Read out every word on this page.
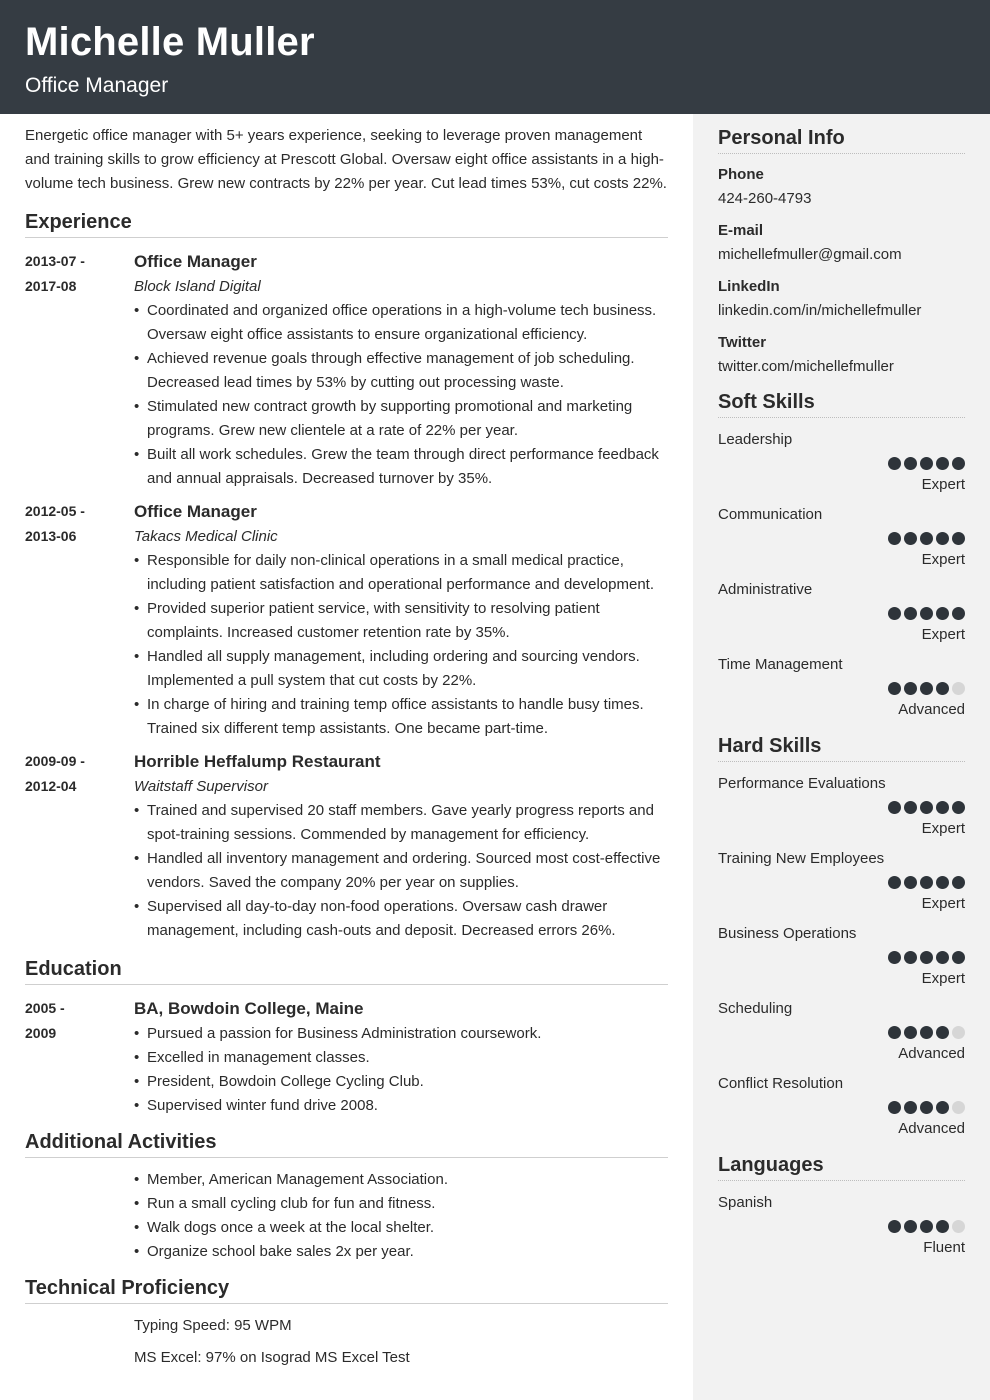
Michelle Muller
Office Manager

Energetic office manager with 5+ years experience, seeking to leverage proven management and training skills to grow efficiency at Prescott Global. Oversaw eight office assistants in a high-volume tech business. Grew new contracts by 22% per year. Cut lead times 53%, cut costs 22%.

Experience
2013-07 -
2017-08
Office Manager
Block Island Digital
• Coordinated and organized office operations in a high-volume tech business. Oversaw eight office assistants to ensure organizational efficiency.
• Achieved revenue goals through effective management of job scheduling. Decreased lead times by 53% by cutting out processing waste.
• Stimulated new contract growth by supporting promotional and marketing programs. Grew new clientele at a rate of 22% per year.
• Built all work schedules. Grew the team through direct performance feedback and annual appraisals. Decreased turnover by 35%.
2012-05 -
2013-06
Office Manager
Takacs Medical Clinic
• Responsible for daily non-clinical operations in a small medical practice, including patient satisfaction and operational performance and development.
• Provided superior patient service, with sensitivity to resolving patient complaints. Increased customer retention rate by 35%.
• Handled all supply management, including ordering and sourcing vendors. Implemented a pull system that cut costs by 22%.
• In charge of hiring and training temp office assistants to handle busy times. Trained six different temp assistants. One became part-time.
2009-09 -
2012-04
Horrible Heffalump Restaurant
Waitstaff Supervisor
• Trained and supervised 20 staff members. Gave yearly progress reports and spot-training sessions. Commended by management for efficiency.
• Handled all inventory management and ordering. Sourced most cost-effective vendors. Saved the company 20% per year on supplies.
• Supervised all day-to-day non-food operations. Oversaw cash drawer management, including cash-outs and deposit. Decreased errors 26%.
Education
2005 -
2009
BA, Bowdoin College, Maine
• Pursued a passion for Business Administration coursework.
• Excelled in management classes.
• President, Bowdoin College Cycling Club.
• Supervised winter fund drive 2008.
Additional Activities
• Member, American Management Association.
• Run a small cycling club for fun and fitness.
• Walk dogs once a week at the local shelter.
• Organize school bake sales 2x per year.
Technical Proficiency
Typing Speed: 95 WPM
MS Excel: 97% on Isograd MS Excel Test
Personal Info
Phone
424-260-4793
E-mail
michellefmuller@gmail.com
LinkedIn
linkedin.com/in/michellefmuller
Twitter
twitter.com/michellefmuller
Soft Skills
Leadership
Expert
Communication
Expert
Administrative
Expert
Time Management
Advanced
Hard Skills
Performance Evaluations
Expert
Training New Employees
Expert
Business Operations
Expert
Scheduling
Advanced
Conflict Resolution
Advanced
Languages
Spanish
Fluent
